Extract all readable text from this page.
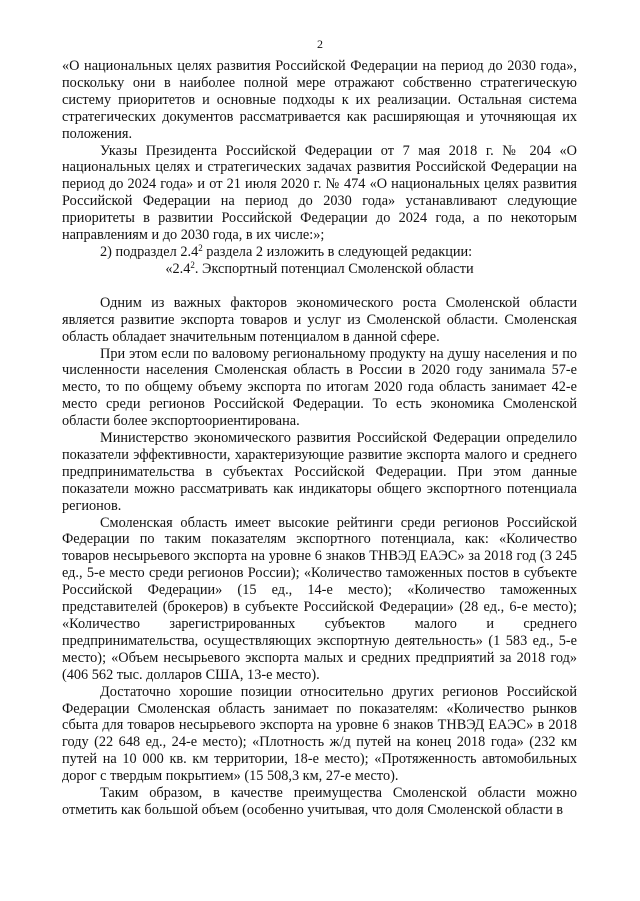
2

«О национальных целях развития Российской Федерации на период до 2030 года», поскольку они в наиболее полной мере отражают собственно стратегическую систему приоритетов и основные подходы к их реализации. Остальная система стратегических документов рассматривается как расширяющая и уточняющая их положения.

Указы Президента Российской Федерации от 7 мая 2018 г. № 204 «О национальных целях и стратегических задачах развития Российской Федерации на период до 2024 года» и от 21 июля 2020 г. № 474 «О национальных целях развития Российской Федерации на период до 2030 года» устанавливают следующие приоритеты в развитии Российской Федерации до 2024 года, а по некоторым направлениям и до 2030 года, в их числе:»;

2) подраздел $2.4^2$ раздела 2 изложить в следующей редакции:

«$2.4^2$. Экспортный потенциал Смоленской области

Одним из важных факторов экономического роста Смоленской области является развитие экспорта товаров и услуг из Смоленской области. Смоленская область обладает значительным потенциалом в данной сфере.

При этом если по валовому региональному продукту на душу населения и по численности населения Смоленская область в России в 2020 году занимала 57-е место, то по общему объему экспорта по итогам 2020 года область занимает 42-е место среди регионов Российской Федерации. То есть экономика Смоленской области более экспортоориентирована.

Министерство экономического развития Российской Федерации определило показатели эффективности, характеризующие развитие экспорта малого и среднего предпринимательства в субъектах Российской Федерации. При этом данные показатели можно рассматривать как индикаторы общего экспортного потенциала регионов.

Смоленская область имеет высокие рейтинги среди регионов Российской Федерации по таким показателям экспортного потенциала, как: «Количество товаров несырьевого экспорта на уровне 6 знаков ТНВЭД ЕАЭС» за 2018 год (3 245 ед., 5-е место среди регионов России); «Количество таможенных постов в субъекте Российской Федерации» (15 ед., 14-е место); «Количество таможенных представителей (брокеров) в субъекте Российской Федерации» (28 ед., 6-е место); «Количество зарегистрированных субъектов малого и среднего предпринимательства, осуществляющих экспортную деятельность» (1 583 ед., 5-е место); «Объем несырьевого экспорта малых и средних предприятий за 2018 год» (406 562 тыс. долларов США, 13-е место).

Достаточно хорошие позиции относительно других регионов Российской Федерации Смоленская область занимает по показателям: «Количество рынков сбыта для товаров несырьевого экспорта на уровне 6 знаков ТНВЭД ЕАЭС» в 2018 году (22 648 ед., 24-е место); «Плотность ж/д путей на конец 2018 года» (232 км путей на 10 000 кв. км территории, 18-е место); «Протяженность автомобильных дорог с твердым покрытием» (15 508,3 км, 27-е место).

Таким образом, в качестве преимущества Смоленской области можно отметить как большой объем (особенно учитывая, что доля Смоленской области в
